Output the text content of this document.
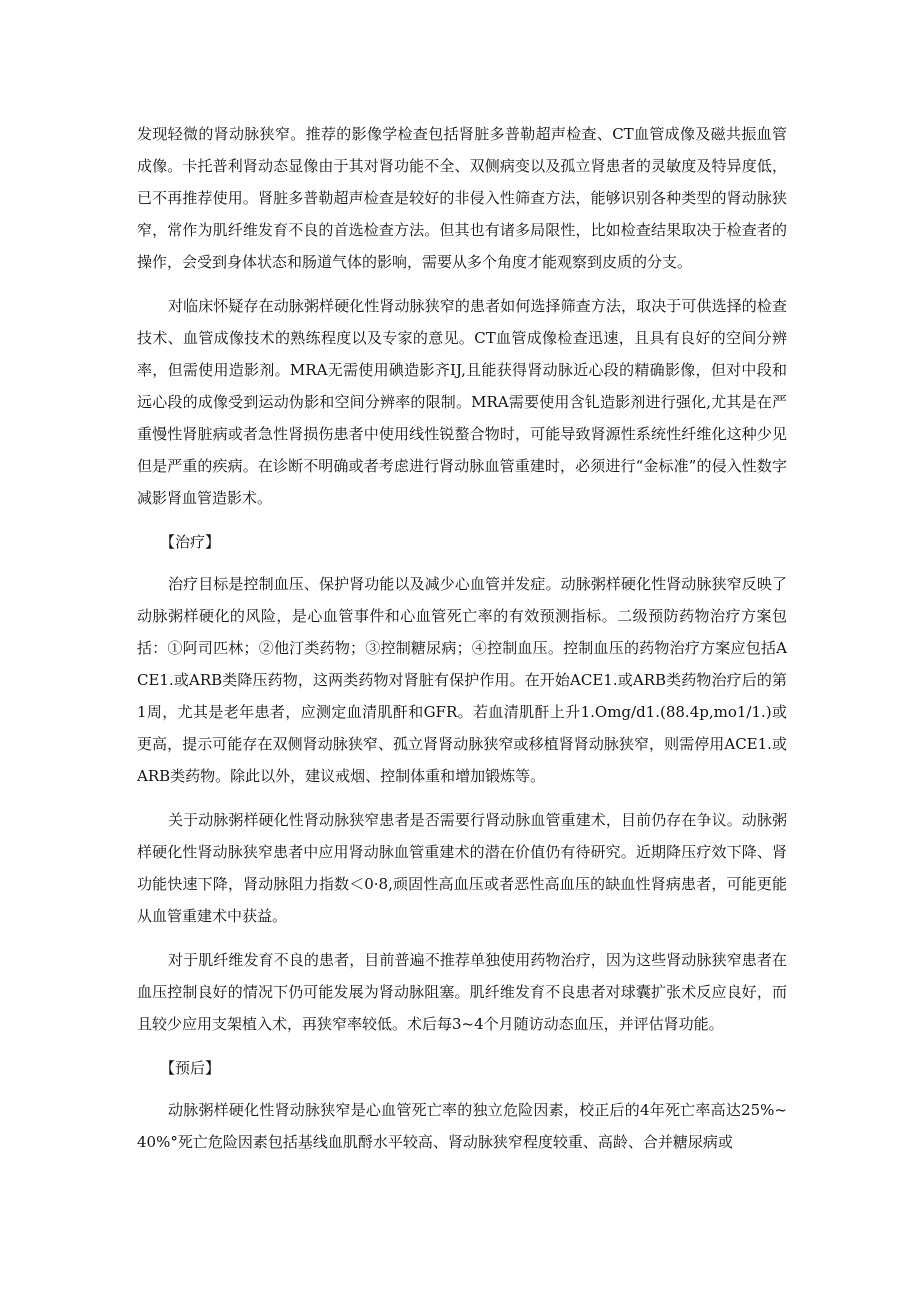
发现轻微的肾动脉狭窄。推荐的影像学检查包括肾脏多普勒超声检查、CT血管成像及磁共振血管成像。卡托普利肾动态显像由于其对肾功能不全、双侧病变以及孤立肾患者的灵敏度及特异度低，已不再推荐使用。肾脏多普勒超声检查是较好的非侵入性筛查方法，能够识别各种类型的肾动脉狭窄，常作为肌纤维发育不良的首选检查方法。但其也有诸多局限性，比如检查结果取决于检查者的操作，会受到身体状态和肠道气体的影响，需要从多个角度才能观察到皮质的分支。

对临床怀疑存在动脉粥样硬化性肾动脉狭窄的患者如何选择筛查方法，取决于可供选择的检查技术、血管成像技术的熟练程度以及专家的意见。CT血管成像检查迅速，且具有良好的空间分辨率，但需使用造影剂。MRA无需使用碘造影齐IJ,且能获得肾动脉近心段的精确影像，但对中段和远心段的成像受到运动伪影和空间分辨率的限制。MRA需要使用含钆造影剂进行强化,尤其是在严重慢性肾脏病或者急性肾损伤患者中使用线性锐螯合物时，可能导致肾源性系统性纤维化这种少见但是严重的疾病。在诊断不明确或者考虑进行肾动脉血管重建时，必须进行“金标准”的侵入性数字减影肾血管造影术。

【治疗】

治疗目标是控制血压、保护肾功能以及减少心血管并发症。动脉粥样硬化性肾动脉狭窄反映了动脉粥样硬化的风险，是心血管事件和心血管死亡率的有效预测指标。二级预防药物治疗方案包括：①阿司匹林；②他汀类药物；③控制糖尿病；④控制血压。控制血压的药物治疗方案应包括ACE1.或ARB类降压药物，这两类药物对肾脏有保护作用。在开始ACE1.或ARB类药物治疗后的第1周，尤其是老年患者，应测定血清肌酐和GFR。若血清肌酐上升1.Omg/d1.(88.4p,mo1∕1.)或更高，提示可能存在双侧肾动脉狭窄、孤立肾肾动脉狭窄或移植肾肾动脉狭窄，则需停用ACE1.或ARB类药物。除此以外，建议戒烟、控制体重和增加锻炼等。

关于动脉粥样硬化性肾动脉狭窄患者是否需要行肾动脉血管重建术，目前仍存在争议。动脉粥样硬化性肾动脉狭窄患者中应用肾动脉血管重建术的潜在价值仍有待研究。近期降压疗效下降、肾功能快速下降，肾动脉阻力指数＜0·8,顽固性高血压或者恶性高血压的缺血性肾病患者，可能更能从血管重建术中获益。

对于肌纤维发育不良的患者，目前普遍不推荐单独使用药物治疗，因为这些肾动脉狭窄患者在血压控制良好的情况下仍可能发展为肾动脉阻塞。肌纤维发育不良患者对球囊扩张术反应良好，而且较少应用支架植入术，再狭窄率较低。术后每3~4个月随访动态血压，并评估肾功能。

【预后】

动脉粥样硬化性肾动脉狭窄是心血管死亡率的独立危险因素，校正后的4年死亡率高达25%~40%°死亡危险因素包括基线血肌酹水平较高、肾动脉狭窄程度较重、高龄、合并糖尿病或
